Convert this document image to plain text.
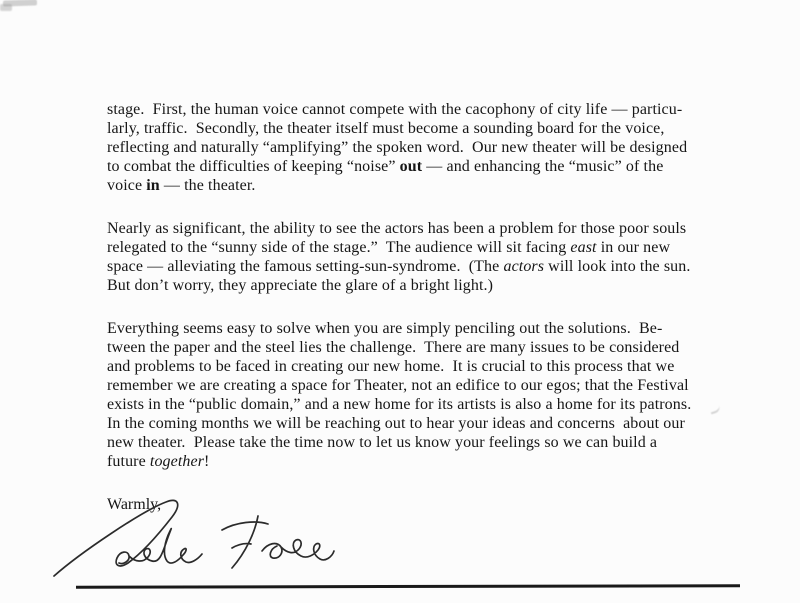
stage.  First, the human voice cannot compete with the cacophony of city life — particu-
larly, traffic.  Secondly, the theater itself must become a sounding board for the voice,
reflecting and naturally “amplifying” the spoken word.  Our new theater will be designed
to combat the difficulties of keeping “noise” out — and enhancing the “music” of the
voice in — the theater.
Nearly as significant, the ability to see the actors has been a problem for those poor souls
relegated to the “sunny side of the stage.”  The audience will sit facing east in our new
space — alleviating the famous setting-sun-syndrome.  (The actors will look into the sun.
But don’t worry, they appreciate the glare of a bright light.)
Everything seems easy to solve when you are simply penciling out the solutions.  Be-
tween the paper and the steel lies the challenge.  There are many issues to be considered
and problems to be faced in creating our new home.  It is crucial to this process that we
remember we are creating a space for Theater, not an edifice to our egos; that the Festival
exists in the “public domain,” and a new home for its artists is also a home for its patrons.
In the coming months we will be reaching out to hear your ideas and concerns  about our
new theater.  Please take the time now to let us know your feelings so we can build a
future together!
Warmly,
